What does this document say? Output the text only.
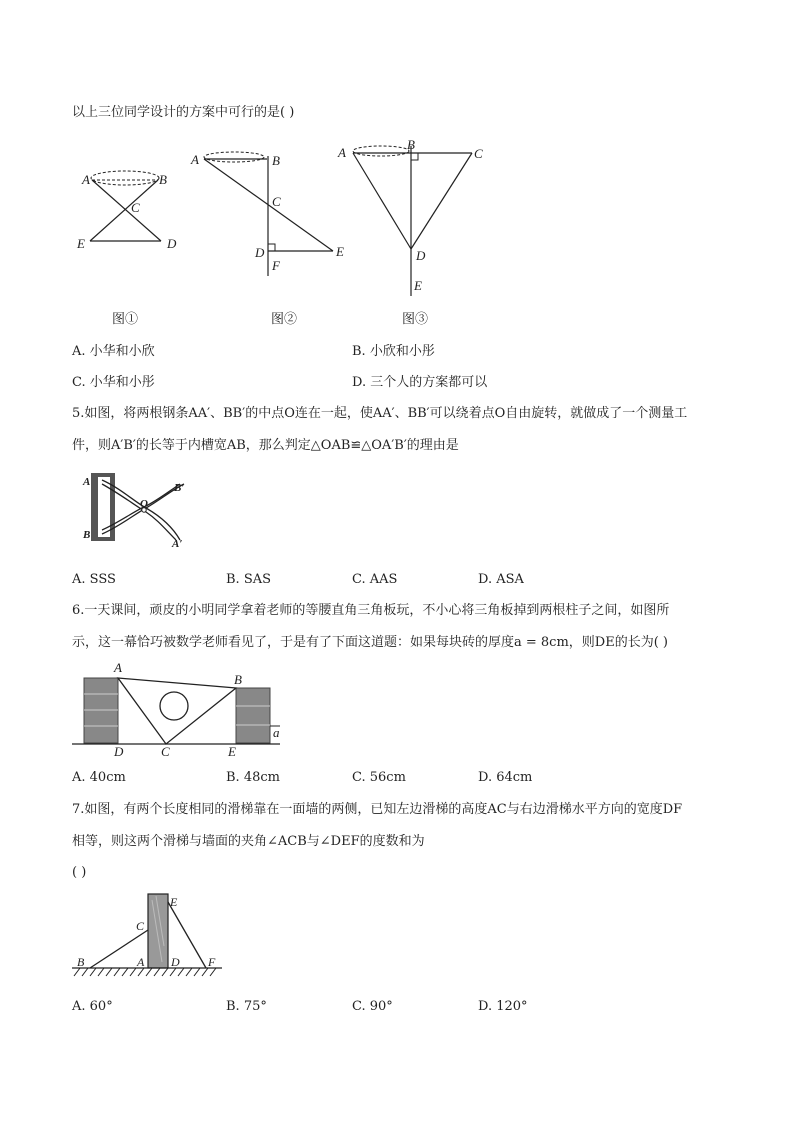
以上三位同学设计的方案中可行的是( )
A	B
C
E	D
A	B
C
D
F
E
A
B
C
D
E
图①	图②	图③
A. 小华和小欣	B. 小欣和小彤
C. 小华和小彤	D. 三个人的方案都可以
5.如图，将两根钢条AA′、BB′的中点O连在一起，使AA′、BB′可以绕着点O自由旋转，就做成了一个测量工
件，则A′B′的长等于内槽宽AB，那么判定△OAB≌△OA′B′的理由是
A
B
O
B′
A′
A. SSS	B. SAS	C. AAS	D. ASA
6.一天课间，顽皮的小明同学拿着老师的等腰直角三角板玩，不小心将三角板掉到两根柱子之间，如图所
示，这一幕恰巧被数学老师看见了，于是有了下面这道题：如果每块砖的厚度a = 8cm，则DE的长为( )
A
B
D	C	E
a
A. 40cm	B. 48cm	C. 56cm	D. 64cm
7.如图，有两个长度相同的滑梯靠在一面墙的两侧，已知左边滑梯的高度AC与右边滑梯水平方向的宽度DF
相等，则这两个滑梯与墙面的夹角∠ACB与∠DEF的度数和为
( )
E
C
B	A D F
A. 60°	B. 75°	C. 90°	D. 120°
